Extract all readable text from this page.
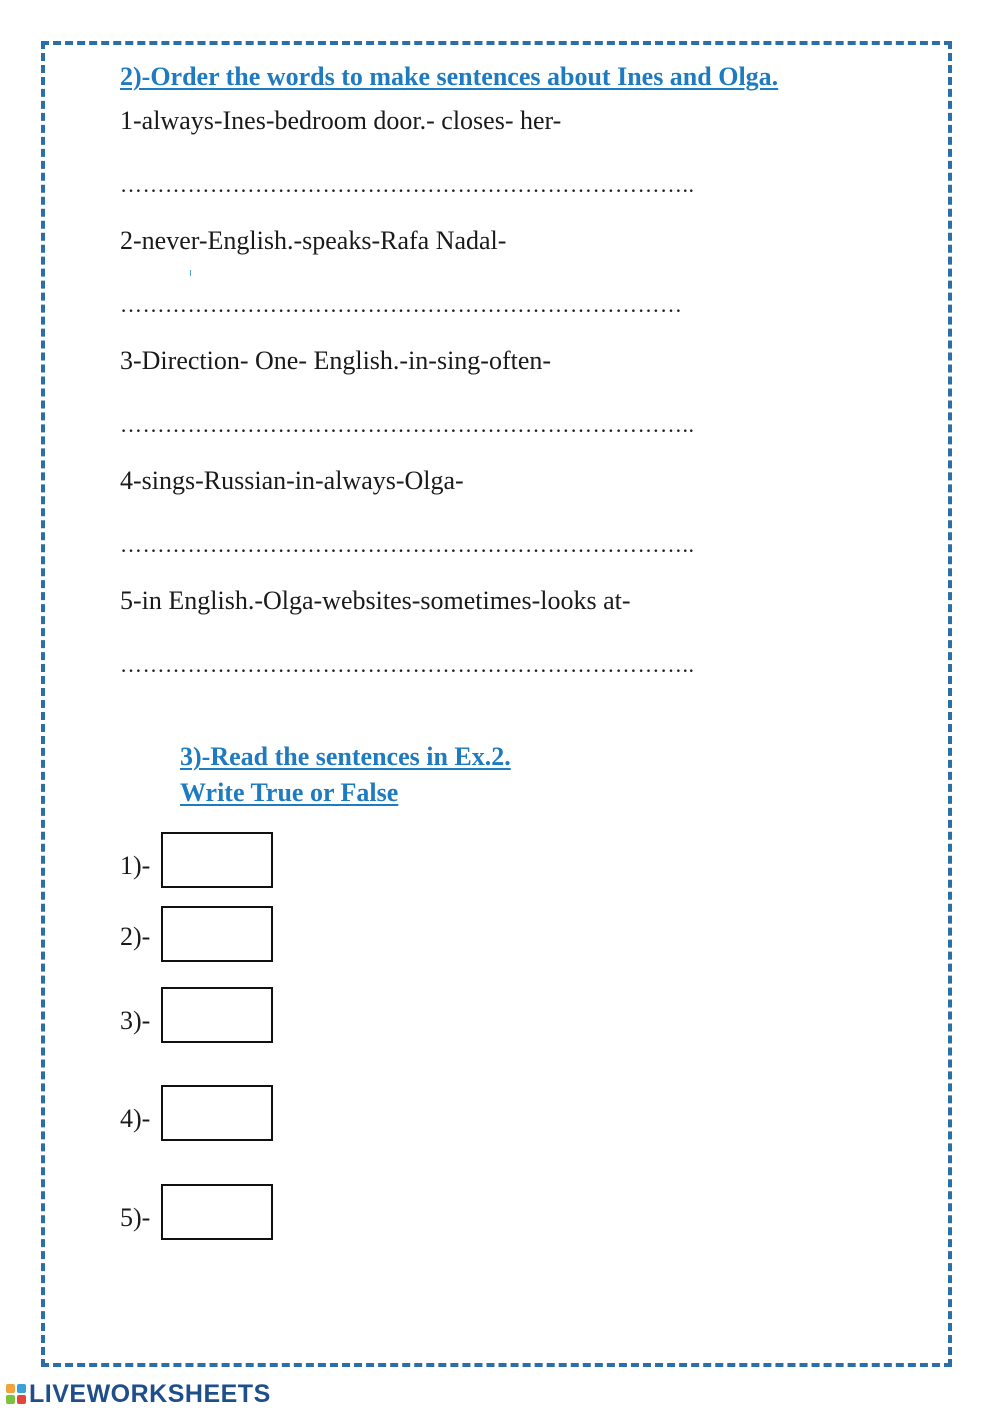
2)-Order the words to make sentences about Ines and Olga.
1-always-Ines-bedroom door.- closes- her-
…………………………………………………………………..
2-never-English.-speaks-Rafa Nadal-
…………………………………………………………………
3-Direction- One- English.-in-sing-often-
…………………………………………………………………..
4-sings-Russian-in-always-Olga-
…………………………………………………………………..
5-in English.-Olga-websites-sometimes-looks at-
…………………………………………………………………..
3)-Read the sentences in Ex.2.
Write True or False
1)-
2)-
3)-
4)-
5)-
LIVEWORKSHEETS
